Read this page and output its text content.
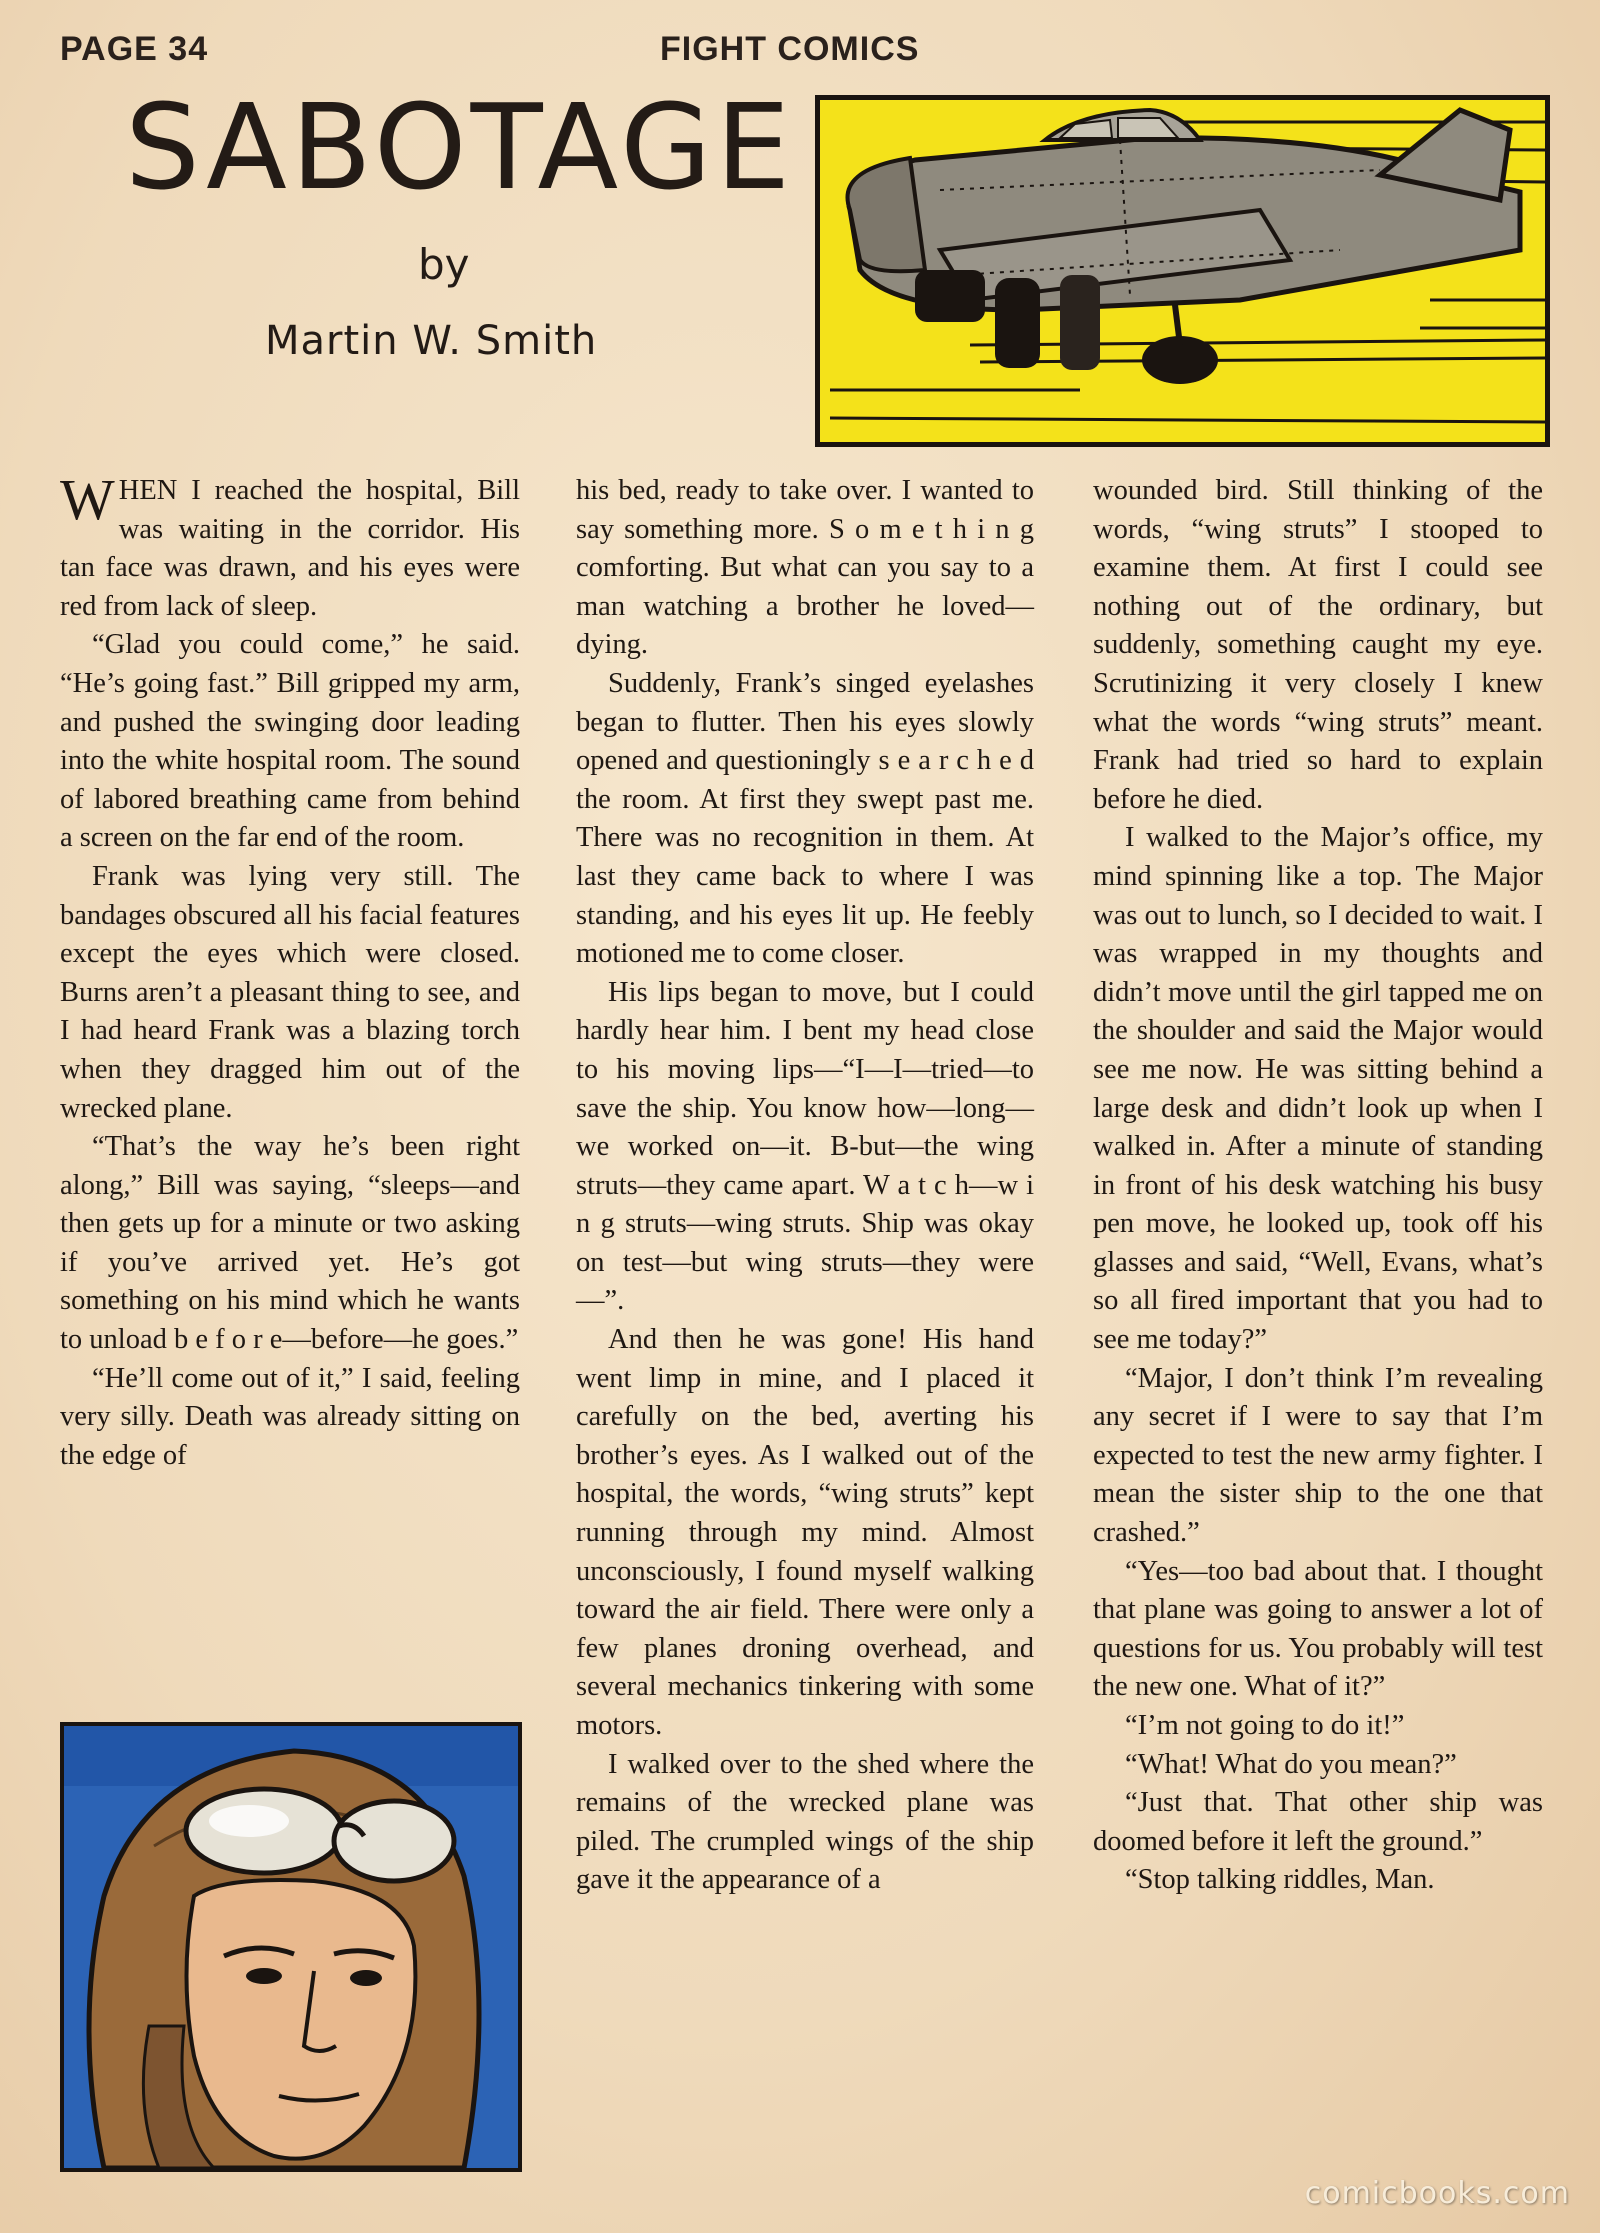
PAGE 34	FIGHT COMICS
SABOTAGE
by
Martin W. Smith

WHEN I reached the hospital, Bill was waiting in the corridor. His tan face was drawn, and his eyes were red from lack of sleep.

“Glad you could come,” he said. “He’s going fast.” Bill gripped my arm, and pushed the swinging door leading into the white hospital room. The sound of labored breathing came from behind a screen on the far end of the room.

Frank was lying very still. The bandages obscured all his facial features except the eyes which were closed. Burns aren’t a pleasant thing to see, and I had heard Frank was a blazing torch when they dragged him out of the wrecked plane.

“That’s the way he’s been right along,” Bill was saying, “sleeps—and then gets up for a minute or two asking if you’ve arrived yet. He’s got something on his mind which he wants to unload b e f o r e—before—he goes.”

“He’ll come out of it,” I said, feeling very silly. Death was already sitting on the edge of

his bed, ready to take over. I wanted to say something more. S o m e t h i n g comforting. But what can you say to a man watching a brother he loved—dying.

Suddenly, Frank’s singed eyelashes began to flutter. Then his eyes slowly opened and questioningly s e a r c h e d the room. At first they swept past me. There was no recognition in them. At last they came back to where I was standing, and his eyes lit up. He feebly motioned me to come closer.

His lips began to move, but I could hardly hear him. I bent my head close to his moving lips—“I—I—tried—to save the ship. You know how—long—we worked on—it. B-but—the wing struts—they came apart. W a t c h—w i n g struts—wing struts. Ship was okay on test—but wing struts—they were—”.

And then he was gone! His hand went limp in mine, and I placed it carefully on the bed, averting his brother’s eyes. As I walked out of the hospital, the words, “wing struts” kept running through my mind. Almost unconsciously, I found myself walking toward the air field. There were only a few planes droning overhead, and several mechanics tinkering with some motors.

I walked over to the shed where the remains of the wrecked plane was piled. The crumpled wings of the ship gave it the appearance of a

wounded bird. Still thinking of the words, “wing struts” I stooped to examine them. At first I could see nothing out of the ordinary, but suddenly, something caught my eye. Scrutinizing it very closely I knew what the words “wing struts” meant. Frank had tried so hard to explain before he died.

I walked to the Major’s office, my mind spinning like a top. The Major was out to lunch, so I decided to wait. I was wrapped in my thoughts and didn’t move until the girl tapped me on the shoulder and said the Major would see me now. He was sitting behind a large desk and didn’t look up when I walked in. After a minute of standing in front of his desk watching his busy pen move, he looked up, took off his glasses and said, “Well, Evans, what’s so all fired important that you had to see me today?”

“Major, I don’t think I’m revealing any secret if I were to say that I’m expected to test the new army fighter. I mean the sister ship to the one that crashed.”

“Yes—too bad about that. I thought that plane was going to answer a lot of questions for us. You probably will test the new one. What of it?”

“I’m not going to do it!”

“What! What do you mean?”

“Just that. That other ship was doomed before it left the ground.”

“Stop talking riddles, Man.

comicbooks.com
